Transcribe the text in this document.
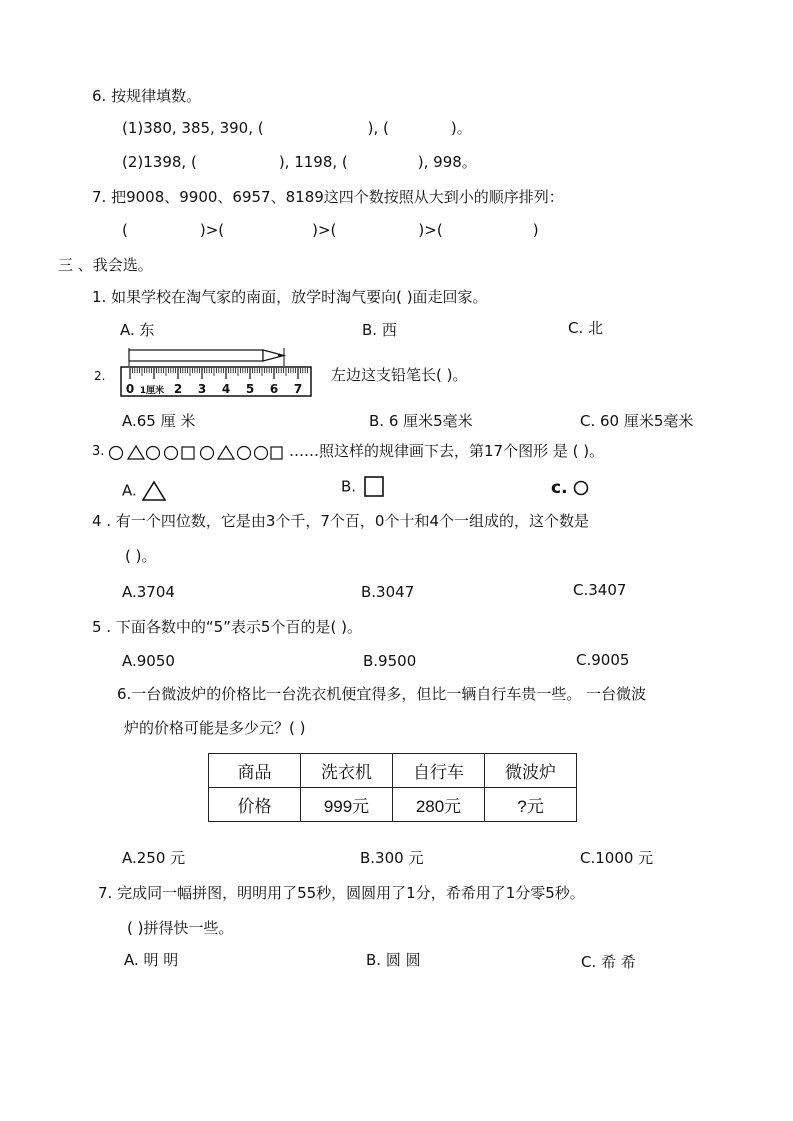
6. 按规律填数。
(1)380, 385, 390, (	), (	)。
(2)1398, (	), 1198, (	), 998。
7. 把9008、9900、6957、8189这四个数按照从大到小的顺序排列：
(	)>(	)>(	)>(	)
三 、我会选。
1. 如果学校在淘气家的南面，放学时淘气要向( )面走回家。
A. 东	B. 西	C. 北
2.
0 1厘米 2 3 4 5 6 7
左边这支铅笔长( )。
A.65 厘 米	B. 6 厘米5毫米	C. 60 厘米5毫米
3.	……照这样的规律画下去，第17个图形 是 ( )。
A.	B.	c.
4 . 有一个四位数，它是由3个千，7个百，0个十和4个一组成的，这个数是
( )。
A.3704	B.3047	C.3407
5 . 下面各数中的“5”表示5个百的是( )。
A.9050	B.9500	C.9005
6.一台微波炉的价格比一台洗衣机便宜得多，但比一辆自行车贵一些。 一台微波
炉的价格可能是多少元？( )
商品	洗衣机	自行车	微波炉
价格	999元	280元	?元
A.250 元	B.300 元	C.1000 元
7. 完成同一幅拼图，明明用了55秒，圆圆用了1分，希希用了1分零5秒。
( )拼得快一些。
A. 明 明	B. 圆 圆	C. 希 希
